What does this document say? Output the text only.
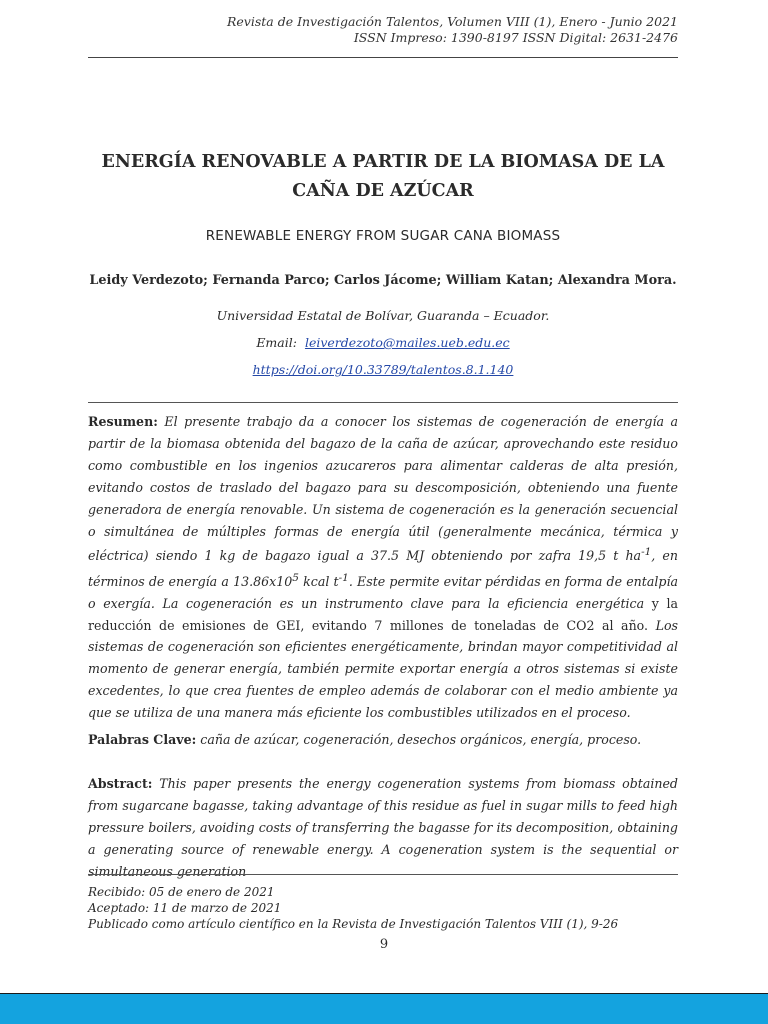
Revista de Investigación Talentos, Volumen VIII (1), Enero - Junio 2021
ISSN Impreso: 1390-8197 ISSN Digital: 2631-2476
ENERGÍA RENOVABLE A PARTIR DE LA BIOMASA DE LA
CAÑA DE AZÚCAR
RENEWABLE ENERGY FROM SUGAR CANA BIOMASS
Leidy Verdezoto; Fernanda Parco; Carlos Jácome; William Katan; Alexandra Mora.
Universidad Estatal de Bolívar, Guaranda – Ecuador.
Email: leiverdezoto@mailes.ueb.edu.ec
https://doi.org/10.33789/talentos.8.1.140
Resumen: El presente trabajo da a conocer los sistemas de cogeneración de energía a partir de la biomasa obtenida del bagazo de la caña de azúcar, aprovechando este residuo como combustible en los ingenios azucareros para alimentar calderas de alta presión, evitando costos de traslado del bagazo para su descomposición, obteniendo una fuente generadora de energía renovable. Un sistema de cogeneración es la generación secuencial o simultánea de múltiples formas de energía útil (generalmente mecánica, térmica y eléctrica) siendo 1 kg de bagazo igual a 37.5 MJ obteniendo por zafra 19,5 t $ha^{-1}$, en términos de energía a $13.86x10^5$ kcal $t^{-1}$. Este permite evitar pérdidas en forma de entalpía o exergía. La cogeneración es un instrumento clave para la eficiencia energética y la reducción de emisiones de GEI, evitando 7 millones de toneladas de CO2 al año. Los sistemas de cogeneración son eficientes energéticamente, brindan mayor competitividad al momento de generar energía, también permite exportar energía a otros sistemas si existe excedentes, lo que crea fuentes de empleo además de colaborar con el medio ambiente ya que se utiliza de una manera más eficiente los combustibles utilizados en el proceso.
Palabras Clave: caña de azúcar, cogeneración, desechos orgánicos, energía, proceso.
Abstract: This paper presents the energy cogeneration systems from biomass obtained from sugarcane bagasse, taking advantage of this residue as fuel in sugar mills to feed high pressure boilers, avoiding costs of transferring the bagasse for its decomposition, obtaining a generating source of renewable energy. A cogeneration system is the sequential or simultaneous generation
Recibido: 05 de enero de 2021
Aceptado: 11 de marzo de 2021
Publicado como artículo científico en la Revista de Investigación Talentos VIII (1), 9-26
9
